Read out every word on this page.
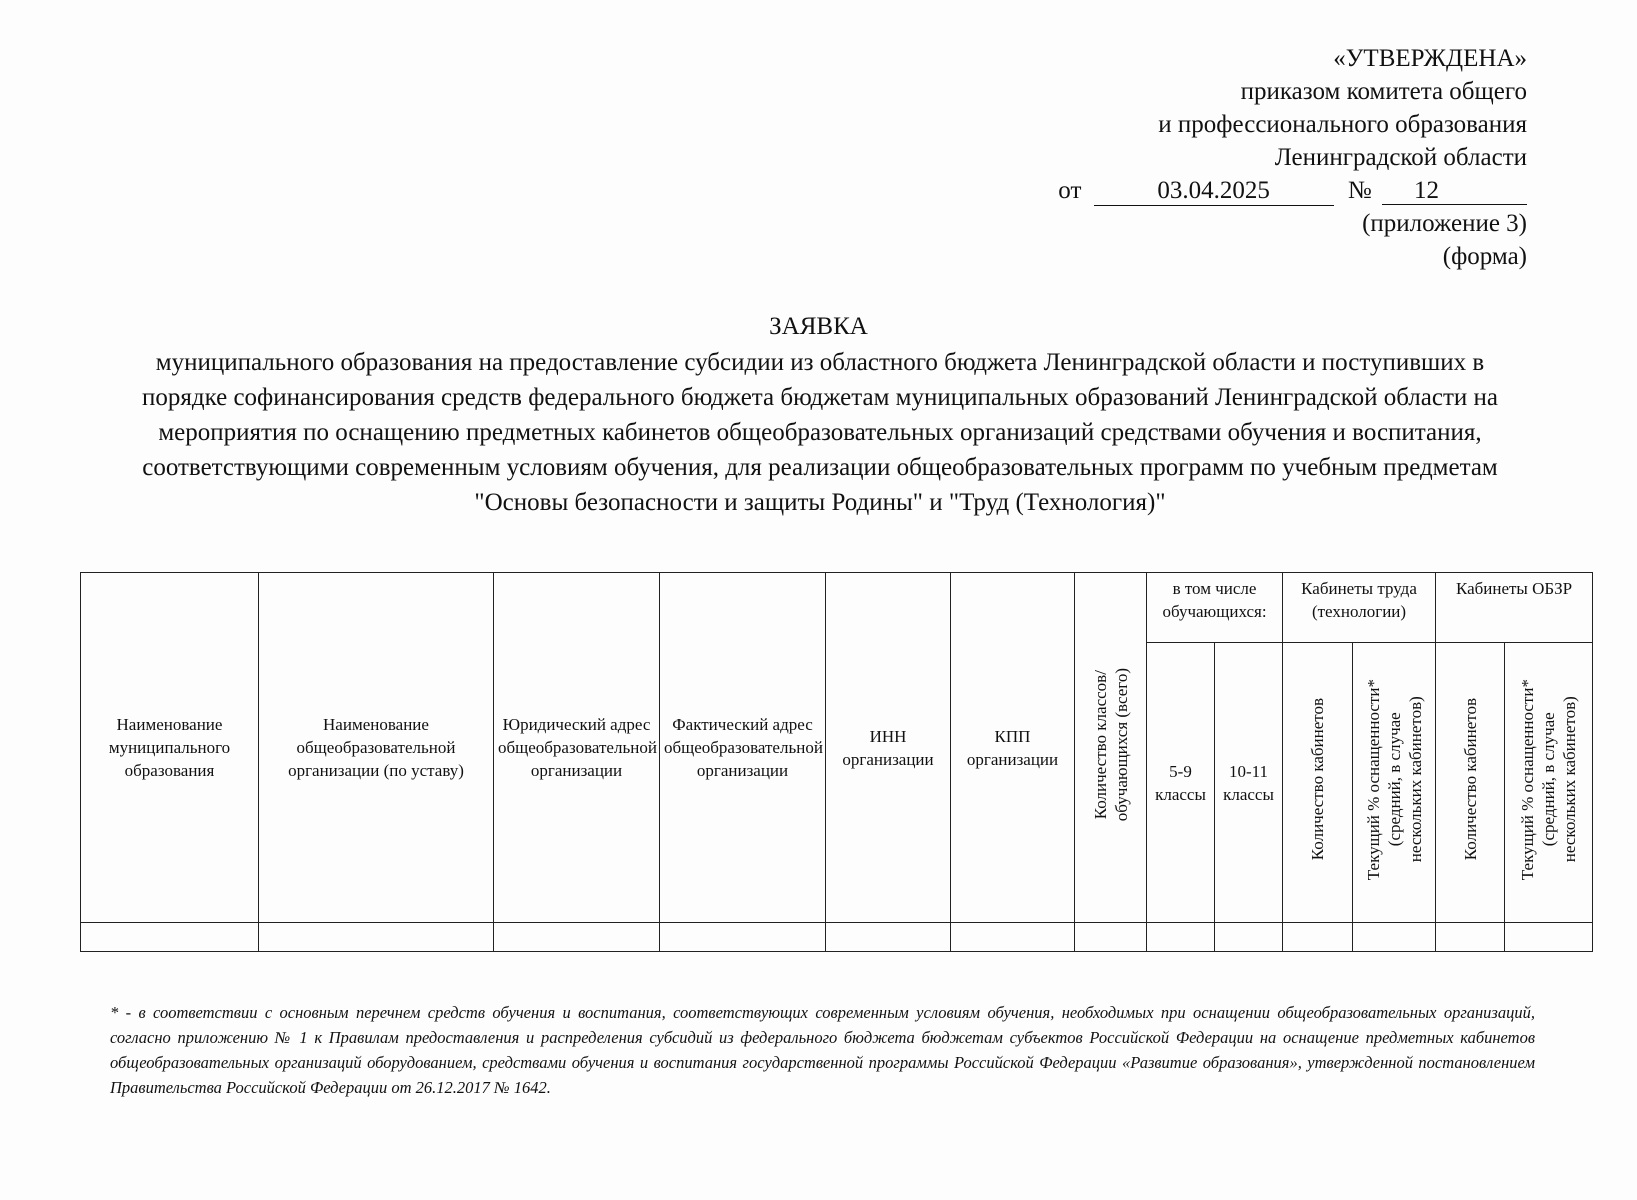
«УТВЕРЖДЕНА»
приказом комитета общего
и профессионального образования
Ленинградской области
от	03.04.2025	№ 12
(приложение 3)
(форма)
ЗАЯВКА
муниципального образования на предоставление субсидии из областного бюджета Ленинградской области и поступивших в порядке софинансирования средств федерального бюджета бюджетам муниципальных образований Ленинградской области на мероприятия по оснащению предметных кабинетов общеобразовательных организаций средствами обучения и воспитания, соответствующими современным условиям обучения, для реализации общеобразовательных программ по учебным предметам "Основы безопасности и защиты Родины" и "Труд (Технология)"
Наименование муниципального образования	Наименование общеобразовательной организации (по уставу)	Юридический адрес общеобразовательной организации	Фактический адрес общеобразовательной организации	ИНН организации	КПП организации	Количество классов/ обучающихся (всего)	в том числе обучающихся:		Кабинеты труда (технологии)		Кабинеты ОБЗР	
							5-9 классы	10-11 классы	Количество кабинетов	Текущий % оснащенности* (средний, в случае нескольких кабинетов)	Количество кабинетов	Текущий % оснащенности* (средний, в случае нескольких кабинетов)

* - в соответствии с основным перечнем средств обучения и воспитания, соответствующих современным условиям обучения, необходимых при оснащении общеобразовательных организаций, согласно приложению № 1 к Правилам предоставления и распределения субсидий из федерального бюджета бюджетам субъектов Российской Федерации на оснащение предметных кабинетов общеобразовательных организаций оборудованием, средствами обучения и воспитания государственной программы Российской Федерации «Развитие образования», утвержденной постановлением Правительства Российской Федерации от 26.12.2017 № 1642.
